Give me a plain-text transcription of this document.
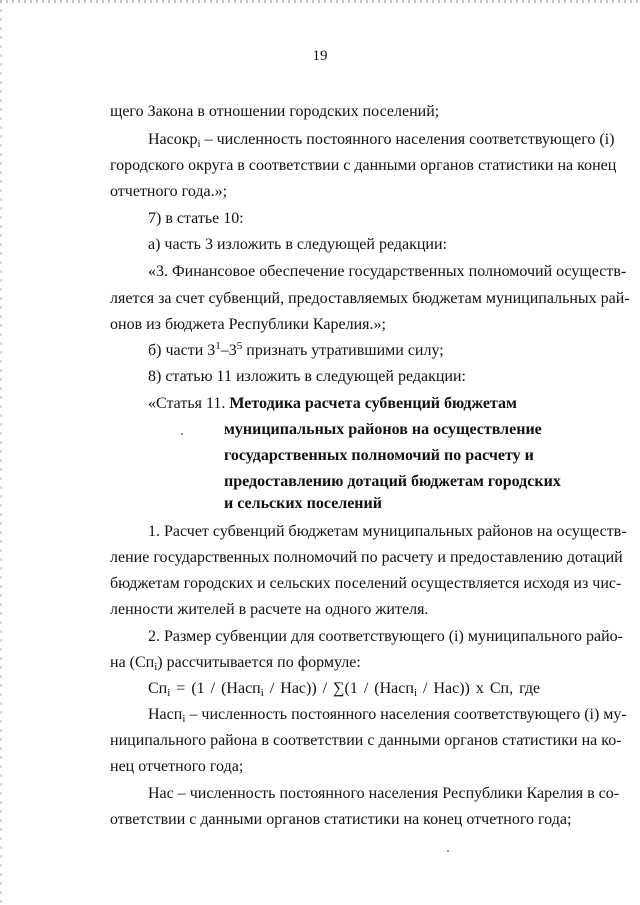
19
щего Закона в отношении городских поселений;
Насокр$_i$ – численность постоянного населения соответствующего (i)
городского округа в соответствии с данными органов статистики на конец
отчетного года.»;
7) в статье 10:
а) часть 3 изложить в следующей редакции:
«3. Финансовое обеспечение государственных полномочий осуществ-
ляется за счет субвенций, предоставляемых бюджетам муниципальных рай-
онов из бюджета Республики Карелия.»;
б) части $3^1-3^5$ признать утратившими силу;
8) статью 11 изложить в следующей редакции:
«Статья 11. Методика расчета субвенций бюджетам
муниципальных районов на осуществление
государственных полномочий по расчету и
предоставлению дотаций бюджетам городских
и сельских поселений
1. Расчет субвенций бюджетам муниципальных районов на осуществ-
ление государственных полномочий по расчету и предоставлению дотаций
бюджетам городских и сельских поселений осуществляется исходя из чис-
ленности жителей в расчете на одного жителя.
2. Размер субвенции для соответствующего (i) муниципального райо-
на $(Сп_i)$ рассчитывается по формуле:
$Сп_i = (1$ / (Насп$_i$ / Нас)) / ∑(1 / (Насп$_i$ / Нас)) x Сп, где
Насп$_i$ – численность постоянного населения соответствующего (i) му-
ниципального района в соответствии с данными органов статистики на ко-
нец отчетного года;
Нас – численность постоянного населения Республики Карелия в со-
ответствии с данными органов статистики на конец отчетного года;
